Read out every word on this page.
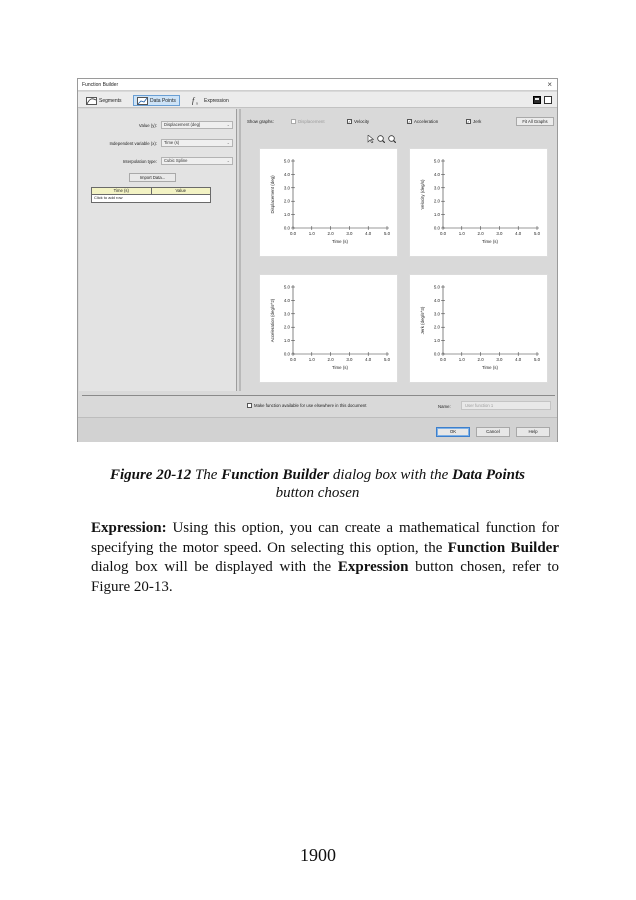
Function Builder	×
Segments	Data Points f x Expression
Value (y):	Displacement (deg)	⌄
Independent variable (x):	Time (s)	⌄
Interpolation type:	Cubic Spline	⌄
Import Data...
Time (s)	Value
Click to add row
Show graphs:	Displacement	✓ Velocity	✓ Acceleration	✓ Jerk	Fit All Graphs
0.0
1.0
2.0
3.0
4.0
5.0
0.0	1.0	2.0	3.0	4.0	5.0
Time (s)
Displacement (deg)
0.0
1.0
2.0
3.0
4.0
5.0
0.0	1.0	2.0	3.0	4.0	5.0
Time (s)
Velocity (deg/s)
0.0
1.0
2.0
3.0
4.0
5.0
0.0	1.0	2.0	3.0	4.0	5.0
Time (s)
Acceleration (deg/s^2)
0.0
1.0
2.0
3.0
4.0
5.0
0.0	1.0	2.0	3.0	4.0	5.0
Time (s)
Jerk (deg/s^3)
Make function available for use elsewhere in this document	Name:	User function 1
OK	Cancel	Help
Figure 20-12 The Function Builder dialog box with the Data Points
button chosen
Expression: Using this option, you can create a mathematical function for specifying the motor speed. On selecting this option, the Function Builder dialog box will be displayed with the Expression button chosen, refer to Figure 20-13.
1900
